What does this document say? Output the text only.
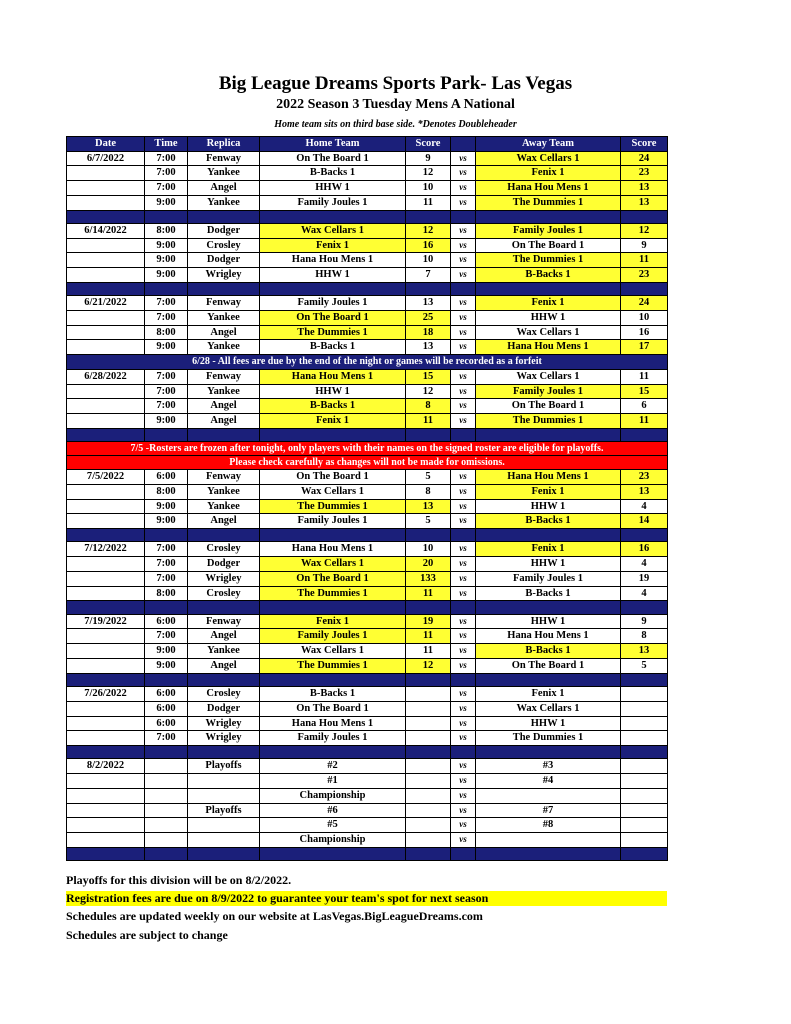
Big League Dreams Sports Park- Las Vegas
2022 Season 3 Tuesday Mens A National
Home team sits on third base side. *Denotes Doubleheader
Date	Time	Replica	Home Team	Score		Away Team	Score
6/7/2022	7:00	Fenway	On The Board 1	9	vs	Wax Cellars 1	24
	7:00	Yankee	B-Backs 1	12	vs	Fenix 1	23
	7:00	Angel	HHW 1	10	vs	Hana Hou Mens 1	13
	9:00	Yankee	Family Joules 1	11	vs	The Dummies 1	13

6/14/2022	8:00	Dodger	Wax Cellars 1	12	vs	Family Joules 1	12
	9:00	Crosley	Fenix 1	16	vs	On The Board 1	9
	9:00	Dodger	Hana Hou Mens 1	10	vs	The Dummies 1	11
	9:00	Wrigley	HHW 1	7	vs	B-Backs 1	23

6/21/2022	7:00	Fenway	Family Joules 1	13	vs	Fenix 1	24
	7:00	Yankee	On The Board 1	25	vs	HHW 1	10
	8:00	Angel	The Dummies 1	18	vs	Wax Cellars 1	16
	9:00	Yankee	B-Backs 1	13	vs	Hana Hou Mens 1	17
6/28 - All fees are due by the end of the night or games will be recorded as a forfeit							
6/28/2022	7:00	Fenway	Hana Hou Mens 1	15	vs	Wax Cellars 1	11
	7:00	Yankee	HHW 1	12	vs	Family Joules 1	15
	7:00	Angel	B-Backs 1	8	vs	On The Board 1	6
	9:00	Angel	Fenix 1	11	vs	The Dummies 1	11

7/5 -Rosters are frozen after tonight, only players with their names on the signed roster are eligible for playoffs.							
Please check carefully as changes will not be made for omissions.							
7/5/2022	6:00	Fenway	On The Board 1	5	vs	Hana Hou Mens 1	23
	8:00	Yankee	Wax Cellars 1	8	vs	Fenix 1	13
	9:00	Yankee	The Dummies 1	13	vs	HHW 1	4
	9:00	Angel	Family Joules 1	5	vs	B-Backs 1	14

7/12/2022	7:00	Crosley	Hana Hou Mens 1	10	vs	Fenix 1	16
	7:00	Dodger	Wax Cellars 1	20	vs	HHW 1	4
	7:00	Wrigley	On The Board 1	133	vs	Family Joules 1	19
	8:00	Crosley	The Dummies 1	11	vs	B-Backs 1	4

7/19/2022	6:00	Fenway	Fenix 1	19	vs	HHW 1	9
	7:00	Angel	Family Joules 1	11	vs	Hana Hou Mens 1	8
	9:00	Yankee	Wax Cellars 1	11	vs	B-Backs 1	13
	9:00	Angel	The Dummies 1	12	vs	On The Board 1	5

7/26/2022	6:00	Crosley	B-Backs 1		vs	Fenix 1	
	6:00	Dodger	On The Board 1		vs	Wax Cellars 1	
	6:00	Wrigley	Hana Hou Mens 1		vs	HHW 1	
	7:00	Wrigley	Family Joules 1		vs	The Dummies 1	

8/2/2022		Playoffs	#2		vs	#3	
			#1		vs	#4	
			Championship		vs		
		Playoffs	#6		vs	#7	
			#5		vs	#8	
			Championship		vs		

Playoffs for this division will be on 8/2/2022.
Registration fees are due on 8/9/2022 to guarantee your team's spot for next season
Schedules are updated weekly on our website at LasVegas.BigLeagueDreams.com
Schedules are subject to change
